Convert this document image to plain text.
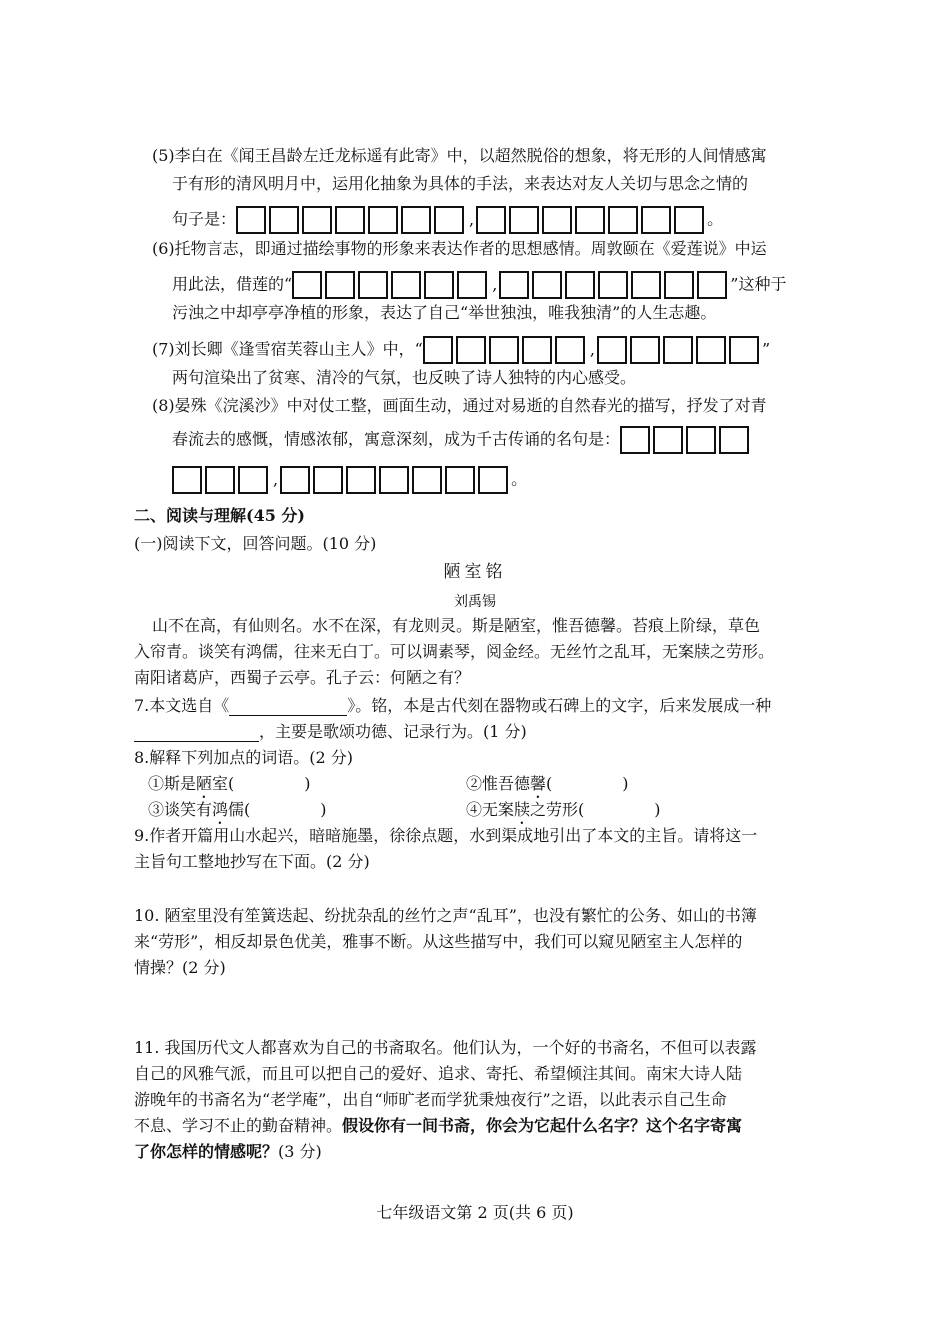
(5)李白在《闻王昌龄左迁龙标遥有此寄》中，以超然脱俗的想象，将无形的人间情感寓
于有形的清风明月中，运用化抽象为具体的手法，来表达对友人关切与思念之情的
句子是：	,	。
(6)托物言志，即通过描绘事物的形象来表达作者的思想感情。周敦颐在《爱莲说》中运
用此法，借莲的“	,	”这种于
污浊之中却亭亭净植的形象，表达了自己“举世独浊，唯我独清”的人生志趣。
(7)刘长卿《逢雪宿芙蓉山主人》中，“	,	”
两句渲染出了贫寒、清冷的气氛，也反映了诗人独特的内心感受。
(8)晏殊《浣溪沙》中对仗工整，画面生动，通过对易逝的自然春光的描写，抒发了对青
春流去的感慨，情感浓郁，寓意深刻，成为千古传诵的名句是：
,	。
二、阅读与理解(45 分)
(一)阅读下文，回答问题。(10 分)
陋室铭
刘禹锡
山不在高，有仙则名。水不在深，有龙则灵。斯是陋室，惟吾德馨。苔痕上阶绿，草色
入帘青。谈笑有鸿儒，往来无白丁。可以调素琴，阅金经。无丝竹之乱耳，无案牍之劳形。
南阳诸葛庐，西蜀子云亭。孔子云：何陋之有？
7.本文选自《	》。铭，本是古代刻在器物或石碑上的文字，后来发展成一种
，主要是歌颂功德、记录行为。(1 分)
8.解释下列加点的词语。(2 分)
①斯是陋室(	)	②惟吾德馨(	)
③谈笑有鸿儒(	)	④无案牍之劳形(	)
9.作者开篇用山水起兴，暗暗施墨，徐徐点题，水到渠成地引出了本文的主旨。请将这一
主旨句工整地抄写在下面。(2 分)
10. 陋室里没有笙簧迭起、纷扰杂乱的丝竹之声“乱耳”，也没有繁忙的公务、如山的书簿
来“劳形”，相反却景色优美，雅事不断。从这些描写中，我们可以窥见陋室主人怎样的
情操？(2 分)
11. 我国历代文人都喜欢为自己的书斋取名。他们认为，一个好的书斋名，不但可以表露
自己的风雅气派，而且可以把自己的爱好、追求、寄托、希望倾注其间。南宋大诗人陆
游晚年的书斋名为“老学庵”，出自“师旷老而学犹秉烛夜行”之语，以此表示自己生命
不息、学习不止的勤奋精神。假设你有一间书斋，你会为它起什么名字？这个名字寄寓
了你怎样的情感呢？(3 分)
七年级语文第 2 页(共 6 页)
